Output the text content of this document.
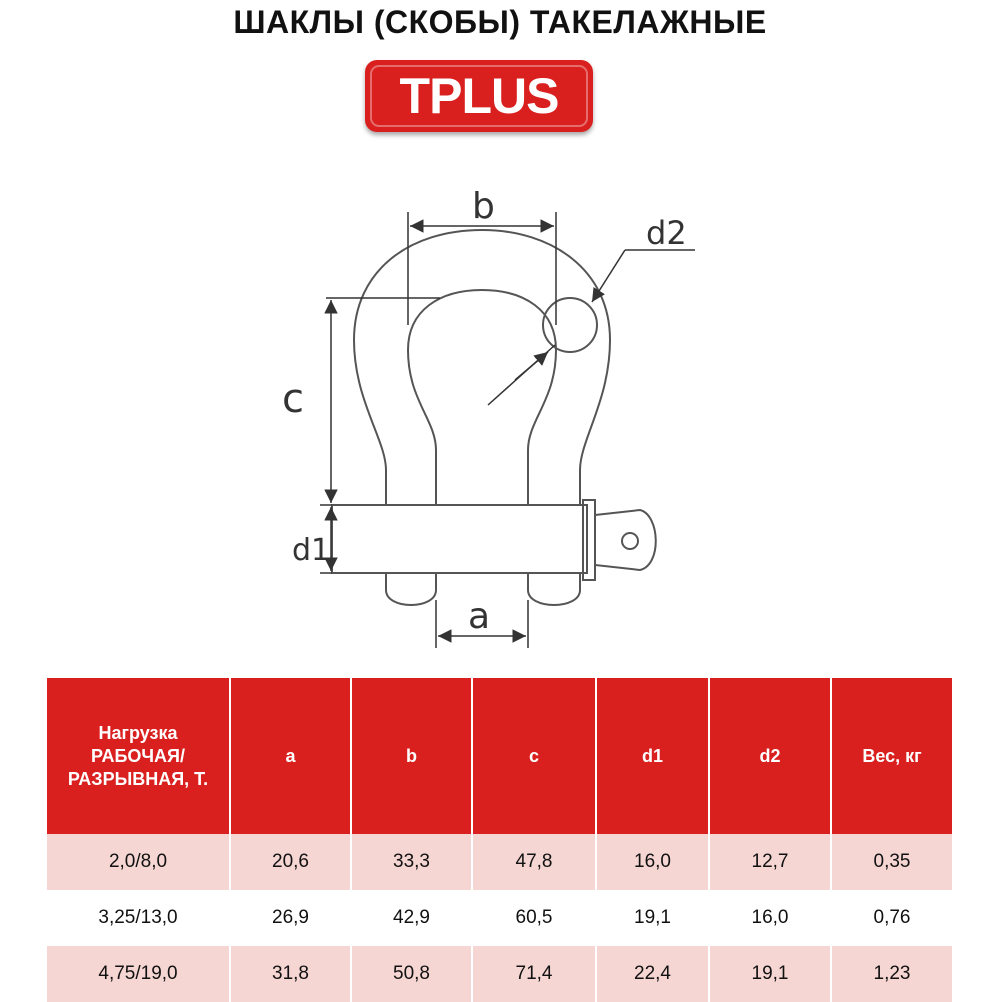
ШАКЛЫ (СКОБЫ) ТАКЕЛАЖНЫЕ
TPLUS
b
c
d1
a
d2
Нагрузка РАБОЧАЯ/ РАЗРЫВНАЯ, Т.	a	b	c	d1	d2	Вес, кг
2,0/8,0	20,6	33,3	47,8	16,0	12,7	0,35
3,25/13,0	26,9	42,9	60,5	19,1	16,0	0,76
4,75/19,0	31,8	50,8	71,4	22,4	19,1	1,23
